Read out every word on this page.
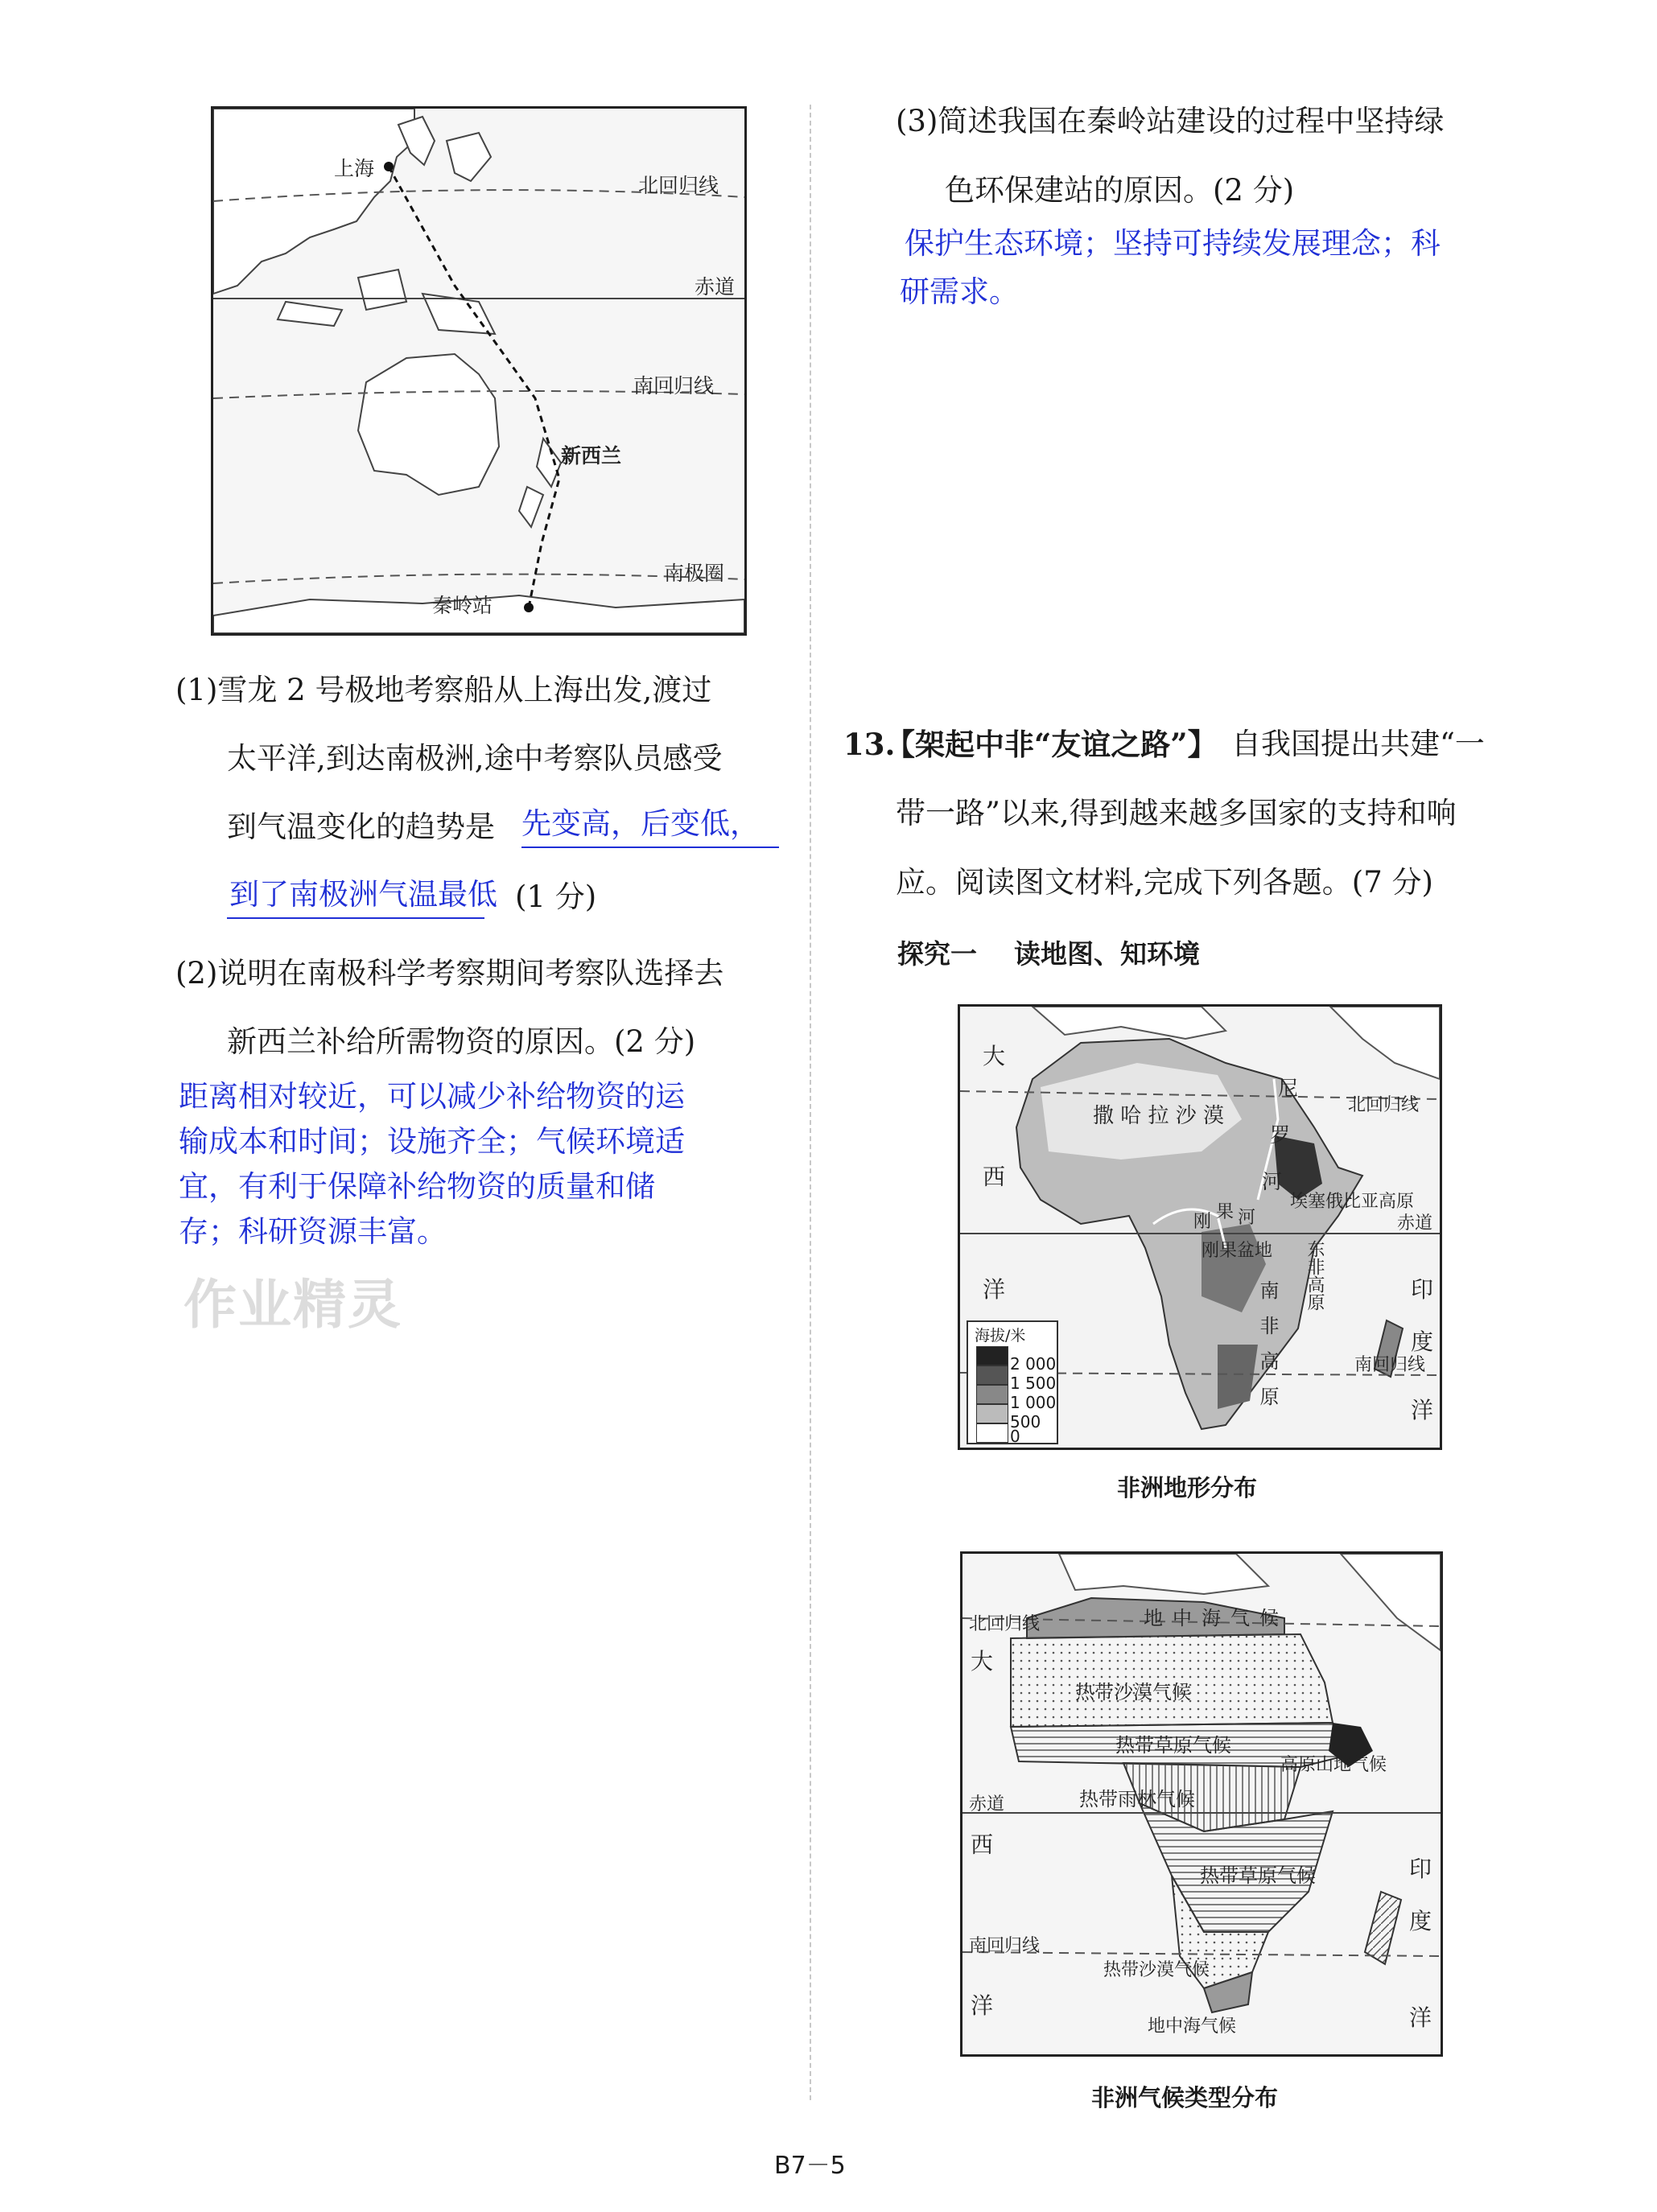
上海
北回归线
赤道
南回归线
新西兰
南极圈
秦岭站
(1)雪龙 2 号极地考察船从上海出发,渡过
太平洋,到达南极洲,途中考察队员感受
到气温变化的趋势是 先变高，后变低，
到了南极洲气温最低 (1 分)
(2)说明在南极科学考察期间考察队选择去
新西兰补给所需物资的原因。(2 分)
距离相对较近，可以减少补给物资的运
输成本和时间；设施齐全；气候环境适
宜，有利于保障补给物资的质量和储
存；科研资源丰富。
作业精灵
(3)简述我国在秦岭站建设的过程中坚持绿
色环保建站的原因。(2 分)
保护生态环境；坚持可持续发展理念；科
研需求。
13.
【架起中非“友谊之路”】 自我国提出共建“一
带一路”以来,得到越来越多国家的支持和响
应。阅读图文材料,完成下列各题。(7 分)
探究一    读地图、知环境
大
西
洋
撒 哈 拉 沙 漠
尼
罗
河
北回归线
埃塞俄比亚高原
刚 果 河	赤道
刚果盆地 东非高原
南非高原	印
度
洋
南回归线
海拔/米
2 000
1 500
1 000
500
0
非洲地形分布
地中海气候
北回归线
大
热带沙漠气候
热带草原气候
高原山地气候
热带雨林气候
赤道
西
热带草原气候	印
度
南回归线
热带沙漠气候
洋	洋
地中海气候
非洲气候类型分布
B7－5
